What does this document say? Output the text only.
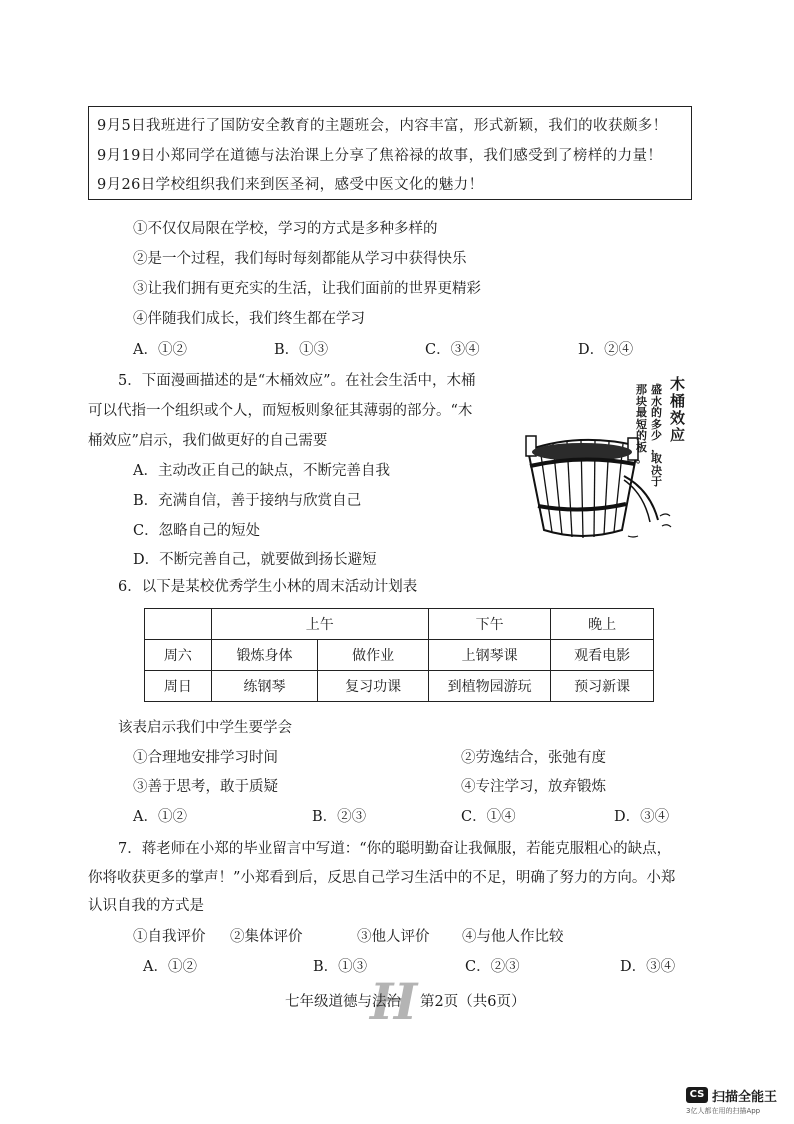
9月5日我班进行了国防安全教育的主题班会，内容丰富，形式新颖，我们的收获颇多！
9月19日小郑同学在道德与法治课上分享了焦裕禄的故事，我们感受到了榜样的力量！
9月26日学校组织我们来到医圣祠，感受中医文化的魅力！
①不仅仅局限在学校，学习的方式是多种多样的
②是一个过程，我们每时每刻都能从学习中获得快乐
③让我们拥有更充实的生活，让我们面前的世界更精彩
④伴随我们成长，我们终生都在学习
A．①②	B．①③	C．③④	D．②④
5．下面漫画描述的是“木桶效应”。在社会生活中，木桶
可以代指一个组织或个人，而短板则象征其薄弱的部分。“木
桶效应”启示，我们做更好的自己需要
A．主动改正自己的缺点，不断完善自我
B．充满自信，善于接纳与欣赏自己
C．忽略自己的短处
D．不断完善自己，就要做到扬长避短
木
桶
效
应
盛
水
的
多
少
，
取
决
于
那
块
最
短
的
板
。
6．以下是某校优秀学生小林的周末活动计划表
	上午		下午	晚上
周六	锻炼身体	做作业	上钢琴课	观看电影
周日	练钢琴	复习功课	到植物园游玩	预习新课
该表启示我们中学生要学会
①合理地安排学习时间	②劳逸结合，张弛有度
③善于思考，敢于质疑	④专注学习，放弃锻炼
A．①②	B．②③	C．①④	D．③④
7．蒋老师在小郑的毕业留言中写道：“你的聪明勤奋让我佩服，若能克服粗心的缺点，
你将收获更多的掌声！”小郑看到后，反思自己学习生活中的不足，明确了努力的方向。小郑
认识自我的方式是
①自我评价 ②集体评价	③他人评价 ④与他人作比较
A．①②	B．①③	C．②③	D．③④
H
七年级道德与法治 第2页（共6页）
CS 扫描全能王
3亿人都在用的扫描App
